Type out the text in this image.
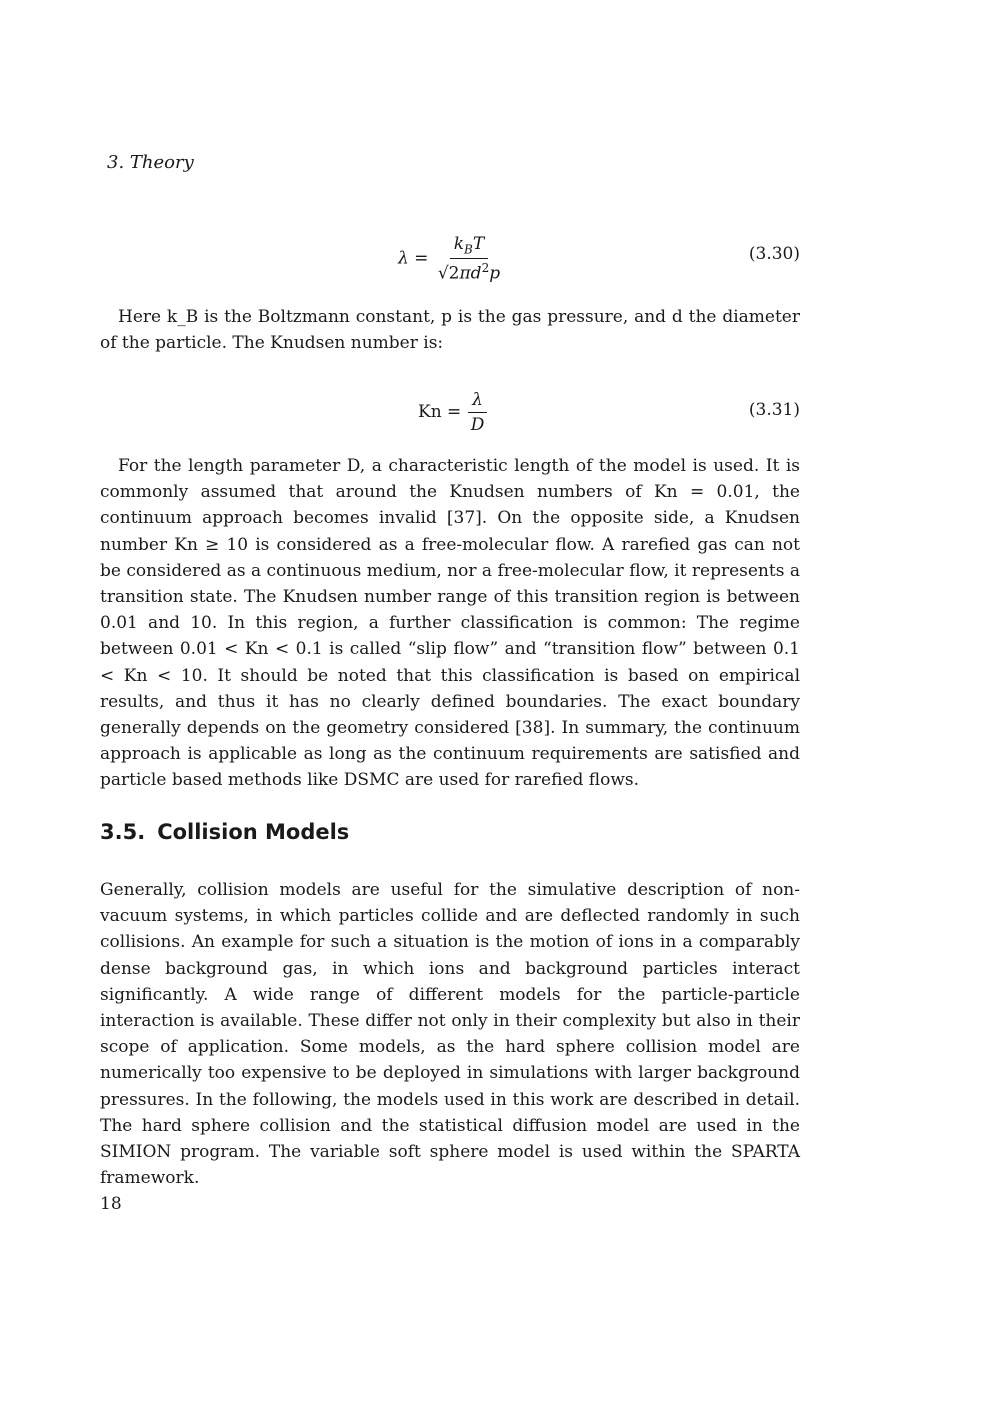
3. Theory
$\lambda = \frac{k_BT}{√2\pi d^2p}$	(3.30)
Here k_B is the Boltzmann constant, p is the gas pressure, and d the diameter of the particle. The Knudsen number is:
$Kn = \frac{\lambda}{D}$	(3.31)
For the length parameter D, a characteristic length of the model is used. It is commonly assumed that around the Knudsen numbers of Kn = 0.01, the continuum approach becomes invalid [37]. On the opposite side, a Knudsen number Kn ≥ 10 is considered as a free-molecular flow. A rarefied gas can not be considered as a continuous medium, nor a free-molecular flow, it represents a transition state. The Knudsen number range of this transition region is between 0.01 and 10. In this region, a further classification is common: The regime between 0.01 < Kn < 0.1 is called “slip flow” and “transition flow” between 0.1 < Kn < 10. It should be noted that this classification is based on empirical results, and thus it has no clearly defined boundaries. The exact boundary generally depends on the geometry considered [38]. In summary, the continuum approach is applicable as long as the continuum requirements are satisfied and particle based methods like DSMC are used for rarefied flows.
3.5. Collision Models
Generally, collision models are useful for the simulative description of non-vacuum systems, in which particles collide and are deflected randomly in such collisions. An example for such a situation is the motion of ions in a comparably dense background gas, in which ions and background particles interact significantly. A wide range of different models for the particle-particle interaction is available. These differ not only in their complexity but also in their scope of application. Some models, as the hard sphere collision model are numerically too expensive to be deployed in simulations with larger background pressures. In the following, the models used in this work are described in detail. The hard sphere collision and the statistical diffusion model are used in the SIMION program. The variable soft sphere model is used within the SPARTA framework.
18
